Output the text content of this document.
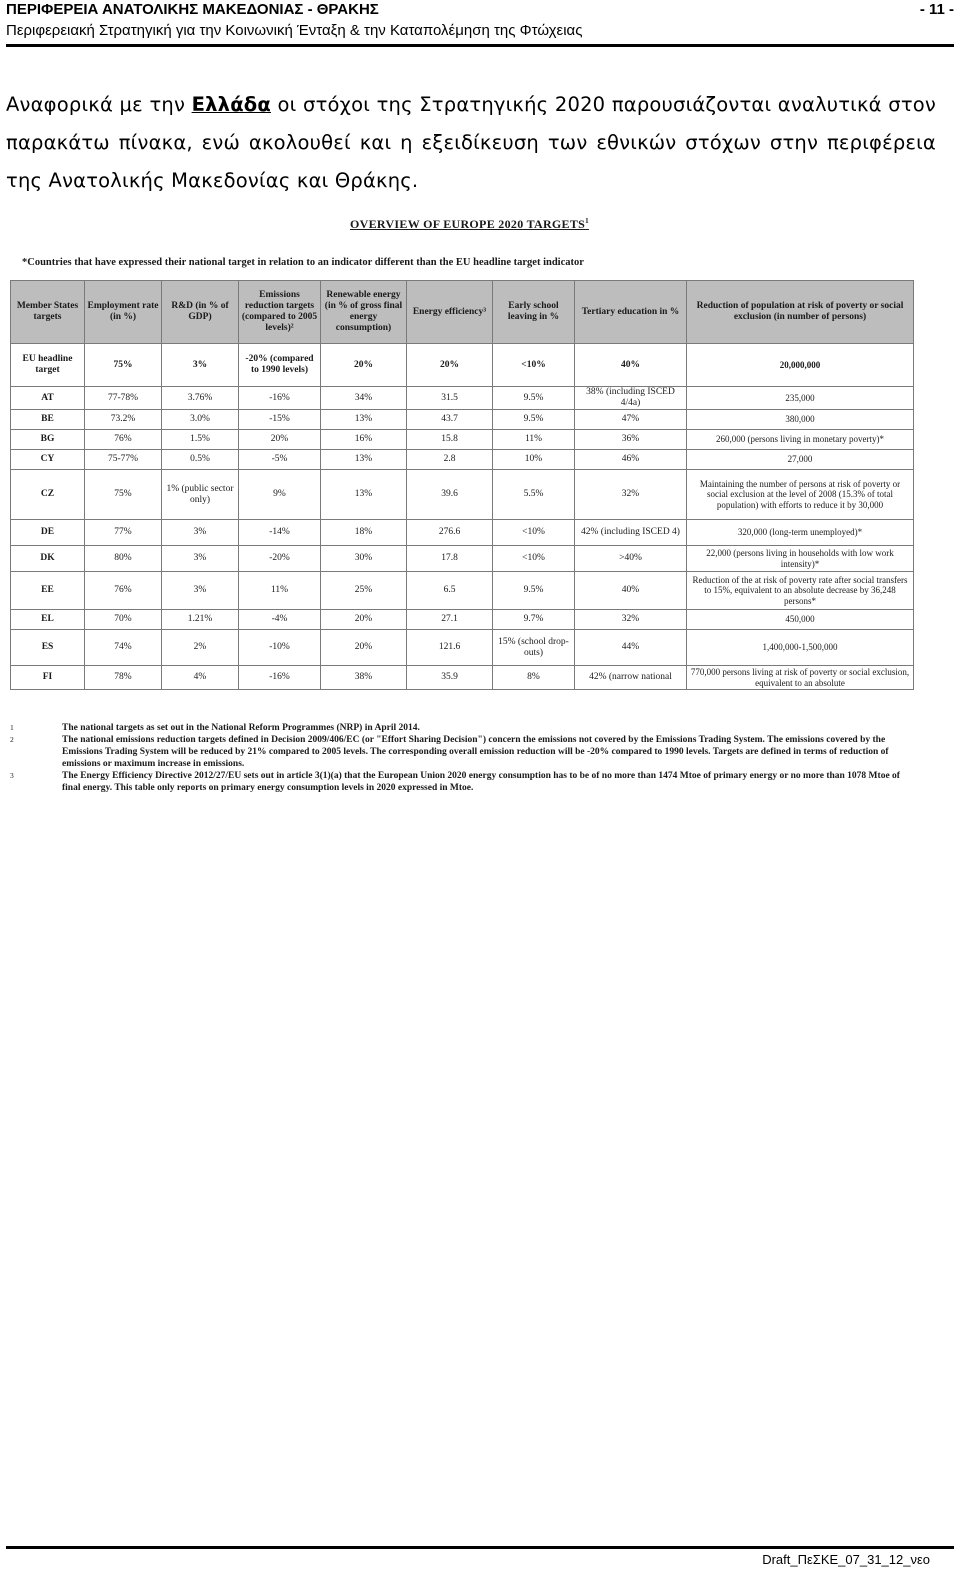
ΠΕΡΙΦΕΡΕΙΑ ΑΝΑΤΟΛΙΚΗΣ ΜΑΚΕΔΟΝΙΑΣ - ΘΡΑΚΗΣ	- 11 -
Περιφερειακή Στρατηγική για την Κοινωνική Ένταξη & την Καταπολέμηση της Φτώχειας

Αναφορικά με την Ελλάδα οι στόχοι της Στρατηγικής 2020 παρουσιάζονται αναλυτικά στον παρακάτω πίνακα, ενώ ακολουθεί και η εξειδίκευση των εθνικών στόχων στην περιφέρεια της Ανατολικής Μακεδονίας και Θράκης.

OVERVIEW OF EUROPE 2020 TARGETS$^1$
*Countries that have expressed their national target in relation to an indicator different than the EU headline target indicator
Member States targets	Employment rate (in %)	R&D (in % of GDP)	Emissions reduction targets (compared to 2005 levels)²	Renewable energy (in % of gross final energy consumption)	Energy efficiency³	Early school leaving in %	Tertiary education in %	Reduction of population at risk of poverty or social exclusion (in number of persons)
EU headline target	75%	3%	-20% (compared to 1990 levels)	20%	20%	<10%	40%	20,000,000
AT	77-78%	3.76%	-16%	34%	31.5	9.5%	38% (including ISCED 4/4a)	235,000
BE	73.2%	3.0%	-15%	13%	43.7	9.5%	47%	380,000
BG	76%	1.5%	20%	16%	15.8	11%	36%	260,000 (persons living in monetary poverty)*
CY	75-77%	0.5%	-5%	13%	2.8	10%	46%	27,000
CZ	75%	1% (public sector only)	9%	13%	39.6	5.5%	32%	Maintaining the number of persons at risk of poverty or social exclusion at the level of 2008 (15.3% of total population) with efforts to reduce it by 30,000
DE	77%	3%	-14%	18%	276.6	<10%	42% (including ISCED 4)	320,000 (long-term unemployed)*
DK	80%	3%	-20%	30%	17.8	<10%	>40%	22,000 (persons living in households with low work intensity)*
EE	76%	3%	11%	25%	6.5	9.5%	40%	Reduction of the at risk of poverty rate after social transfers to 15%, equivalent to an absolute decrease by 36,248 persons*
EL	70%	1.21%	-4%	20%	27.1	9.7%	32%	450,000
ES	74%	2%	-10%	20%	121.6	15% (school drop-outs)	44%	1,400,000-1,500,000
FI	78%	4%	-16%	38%	35.9	8%	42% (narrow national	770,000 persons living at risk of poverty or social exclusion, equivalent to an absolute
1	The national targets as set out in the National Reform Programmes (NRP) in April 2014.
2	The national emissions reduction targets defined in Decision 2009/406/EC (or "Effort Sharing Decision") concern the emissions not covered by the Emissions Trading System. The emissions covered by the Emissions Trading System will be reduced by 21% compared to 2005 levels. The corresponding overall emission reduction will be -20% compared to 1990 levels. Targets are defined in terms of reduction of emissions or maximum increase in emissions.
3	The Energy Efficiency Directive 2012/27/EU sets out in article 3(1)(a) that the European Union 2020 energy consumption has to be of no more than 1474 Mtoe of primary energy or no more than 1078 Mtoe of final energy. This table only reports on primary energy consumption levels in 2020 expressed in Mtoe.
Draft_ΠεΣΚΕ_07_31_12_νεο
